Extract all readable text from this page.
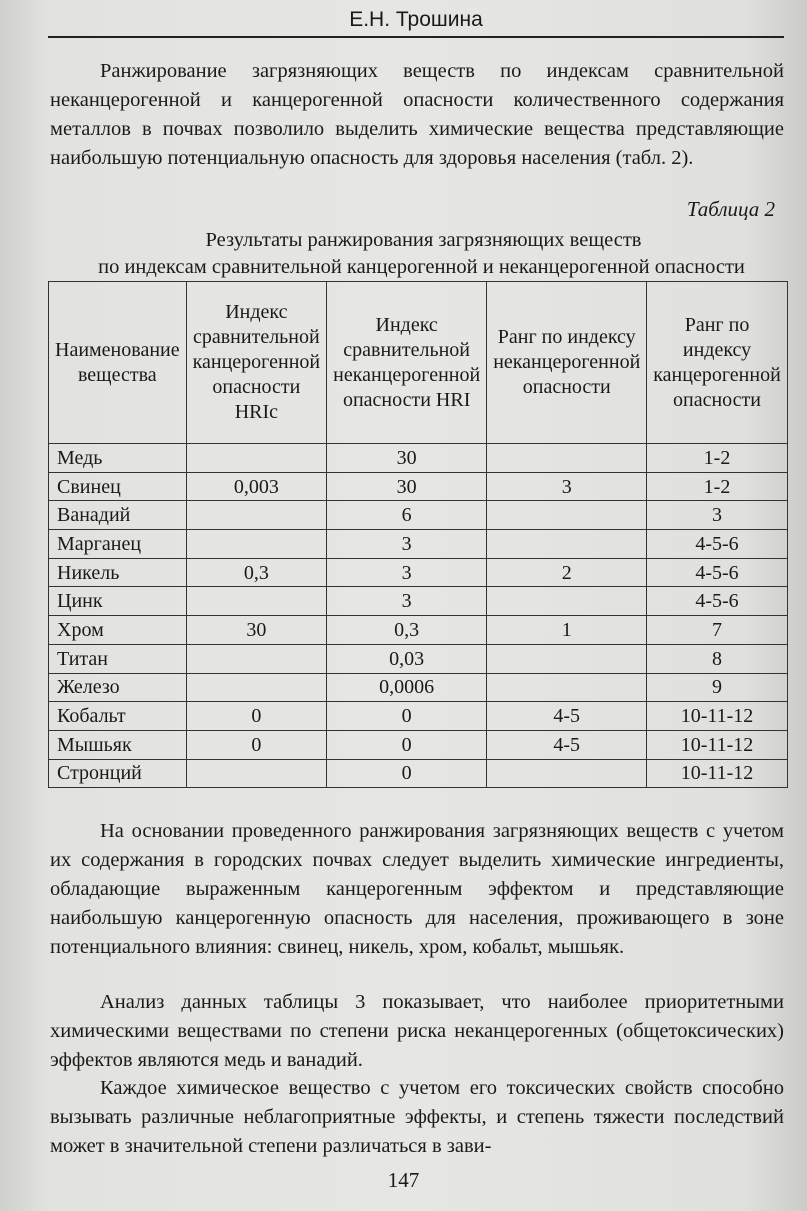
Е.Н. Трошина

Ранжирование загрязняющих веществ по индексам сравнительной неканцерогенной и канцерогенной опасности количественного содержания металлов в почвах позволило выделить химические вещества представляющие наибольшую потенциальную опасность для здоровья населения (табл. 2).

Таблица 2
Результаты ранжирования загрязняющих веществ
по индексам сравнительной канцерогенной и неканцерогенной опасности
Наименование вещества	Индекс сравнительной канцерогенной опасности HRIc	Индекс сравнительной неканцерогенной опасности HRI	Ранг по индексу неканцерогенной опасности	Ранг по индексу канцерогенной опасности
Медь		30		1-2
Свинец	0,003	30	3	1-2
Ванадий		6		3
Марганец		3		4-5-6
Никель	0,3	3	2	4-5-6
Цинк		3		4-5-6
Хром	30	0,3	1	7
Титан		0,03		8
Железо		0,0006		9
Кобальт	0	0	4-5	10-11-12
Мышьяк	0	0	4-5	10-11-12
Стронций		0		10-11-12

На основании проведенного ранжирования загрязняющих веществ с учетом их содержания в городских почвах следует выделить химические ингредиенты, обладающие выраженным канцерогенным эффектом и представляющие наибольшую канцерогенную опасность для населения, проживающего в зоне потенциального влияния: свинец, никель, хром, кобальт, мышьяк.

Анализ данных таблицы 3 показывает, что наиболее приоритетными химическими веществами по степени риска неканцерогенных (общетоксических) эффектов являются медь и ванадий.

Каждое химическое вещество с учетом его токсических свойств способно вызывать различные неблагоприятные эффекты, и степень тяжести последствий может в значительной степени различаться в зави-

147
